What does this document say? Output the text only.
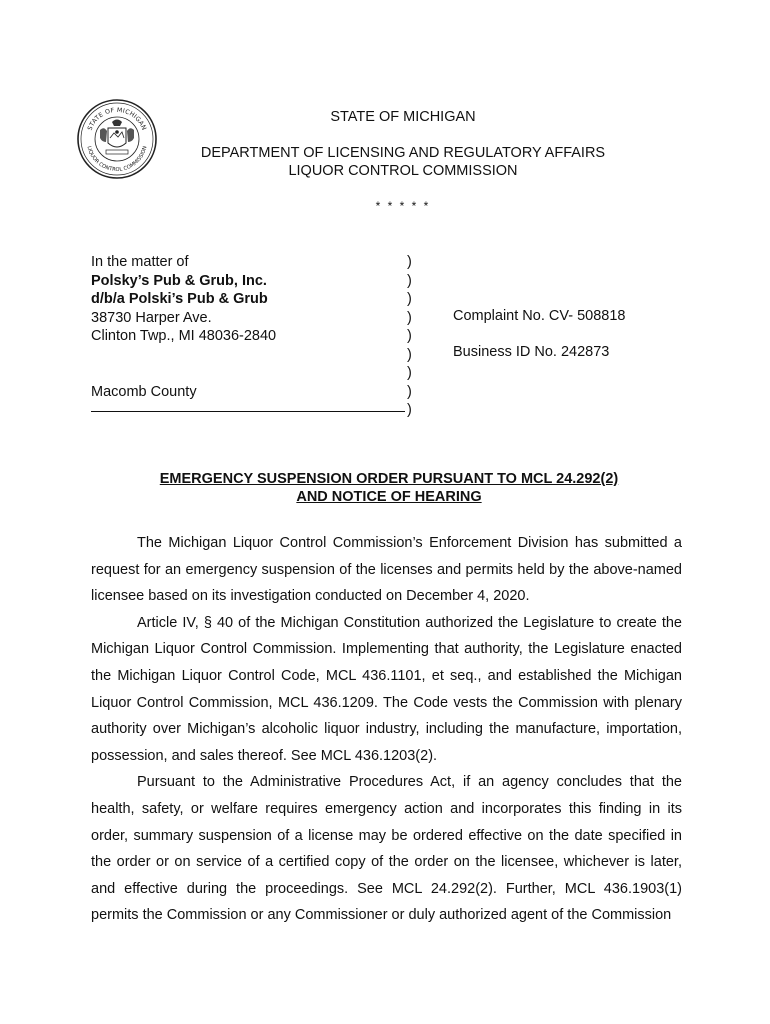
STATE OF MICHIGAN
LIQUOR CONTROL COMMISSION
STATE OF MICHIGAN
DEPARTMENT OF LICENSING AND REGULATORY AFFAIRS
LIQUOR CONTROL COMMISSION
* * * * *
In the matter of
Polsky’s Pub & Grub, Inc.
d/b/a Polski’s Pub & Grub
38730 Harper Ave.
Clinton Twp., MI 48036-2840
Macomb County
)
)
)
)
)
)
)
)
)
Complaint No. CV- 508818
Business ID No. 242873
EMERGENCY SUSPENSION ORDER PURSUANT TO MCL 24.292(2)
AND NOTICE OF HEARING

The Michigan Liquor Control Commission’s Enforcement Division has submitted a request for an emergency suspension of the licenses and permits held by the above-named licensee based on its investigation conducted on December 4, 2020.

Article IV, § 40 of the Michigan Constitution authorized the Legislature to create the Michigan Liquor Control Commission. Implementing that authority, the Legislature enacted the Michigan Liquor Control Code, MCL 436.1101, et seq., and established the Michigan Liquor Control Commission, MCL 436.1209. The Code vests the Commission with plenary authority over Michigan’s alcoholic liquor industry, including the manufacture, importation, possession, and sales thereof. See MCL 436.1203(2).

Pursuant to the Administrative Procedures Act, if an agency concludes that the health, safety, or welfare requires emergency action and incorporates this finding in its order, summary suspension of a license may be ordered effective on the date specified in the order or on service of a certified copy of the order on the licensee, whichever is later, and effective during the proceedings. See MCL 24.292(2). Further, MCL 436.1903(1) permits the Commission or any Commissioner or duly authorized agent of the Commission
